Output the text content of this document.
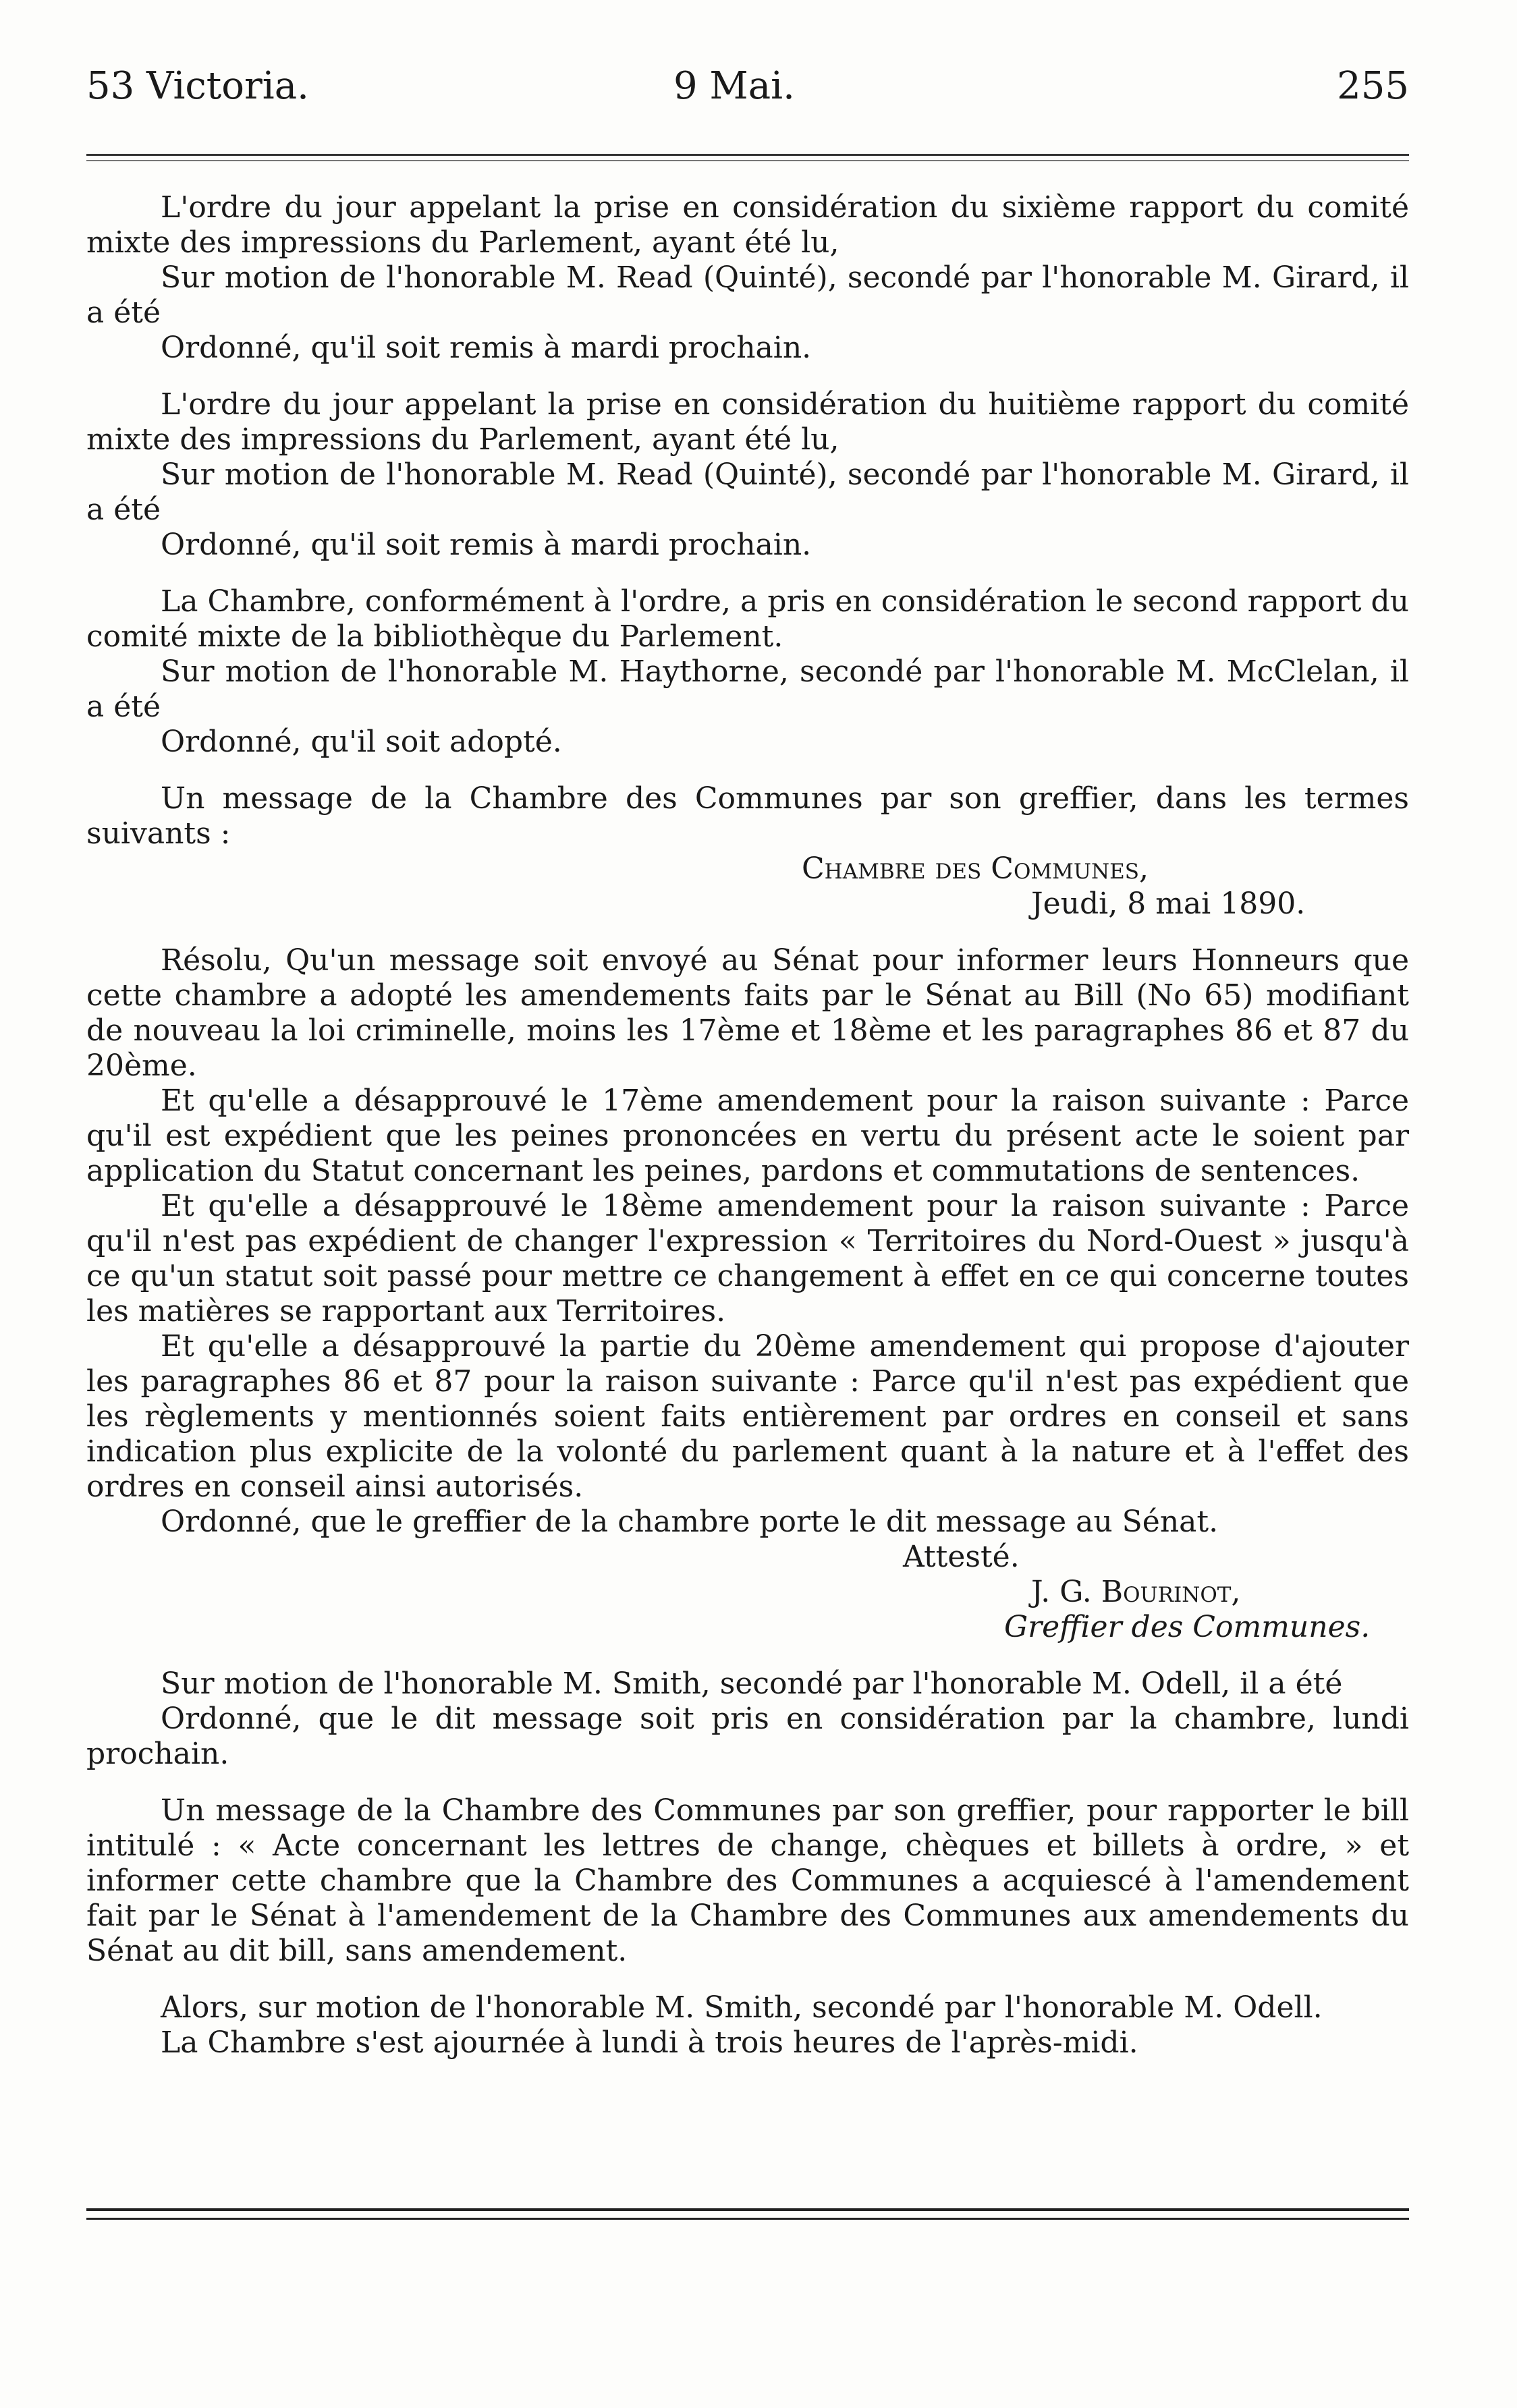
53 Victoria.	9 Mai.	255

L'ordre du jour appelant la prise en considération du sixième rapport du comité mixte des impressions du Parlement, ayant été lu,

Sur motion de l'honorable M. Read (Quinté), secondé par l'honorable M. Girard, il a été

Ordonné, qu'il soit remis à mardi prochain.

L'ordre du jour appelant la prise en considération du huitième rapport du comité mixte des impressions du Parlement, ayant été lu,

Sur motion de l'honorable M. Read (Quinté), secondé par l'honorable M. Girard, il a été

Ordonné, qu'il soit remis à mardi prochain.

La Chambre, conformément à l'ordre, a pris en considération le second rapport du comité mixte de la bibliothèque du Parlement.

Sur motion de l'honorable M. Haythorne, secondé par l'honorable M. McClelan, il a été

Ordonné, qu'il soit adopté.

Un message de la Chambre des Communes par son greffier, dans les termes suivants :

Chambre des Communes,

Jeudi, 8 mai 1890.

Résolu, Qu'un message soit envoyé au Sénat pour informer leurs Honneurs que cette chambre a adopté les amendements faits par le Sénat au Bill (No 65) modifiant de nouveau la loi criminelle, moins les 17ème et 18ème et les paragraphes 86 et 87 du 20ème.

Et qu'elle a désapprouvé le 17ème amendement pour la raison suivante : Parce qu'il est expédient que les peines prononcées en vertu du présent acte le soient par application du Statut concernant les peines, pardons et commutations de sentences.

Et qu'elle a désapprouvé le 18ème amendement pour la raison suivante : Parce qu'il n'est pas expédient de changer l'expression « Territoires du Nord-Ouest » jusqu'à ce qu'un statut soit passé pour mettre ce changement à effet en ce qui concerne toutes les matières se rapportant aux Territoires.

Et qu'elle a désapprouvé la partie du 20ème amendement qui propose d'ajouter les paragraphes 86 et 87 pour la raison suivante : Parce qu'il n'est pas expédient que les règlements y mentionnés soient faits entièrement par ordres en conseil et sans indication plus explicite de la volonté du parlement quant à la nature et à l'effet des ordres en conseil ainsi autorisés.

Ordonné, que le greffier de la chambre porte le dit message au Sénat.

Attesté.

J. G. Bourinot,

Greffier des Communes.

Sur motion de l'honorable M. Smith, secondé par l'honorable M. Odell, il a été

Ordonné, que le dit message soit pris en considération par la chambre, lundi prochain.

Un message de la Chambre des Communes par son greffier, pour rapporter le bill intitulé : « Acte concernant les lettres de change, chèques et billets à ordre, » et informer cette chambre que la Chambre des Communes a acquiescé à l'amendement fait par le Sénat à l'amendement de la Chambre des Communes aux amendements du Sénat au dit bill, sans amendement.

Alors, sur motion de l'honorable M. Smith, secondé par l'honorable M. Odell.

La Chambre s'est ajournée à lundi à trois heures de l'après-midi.
